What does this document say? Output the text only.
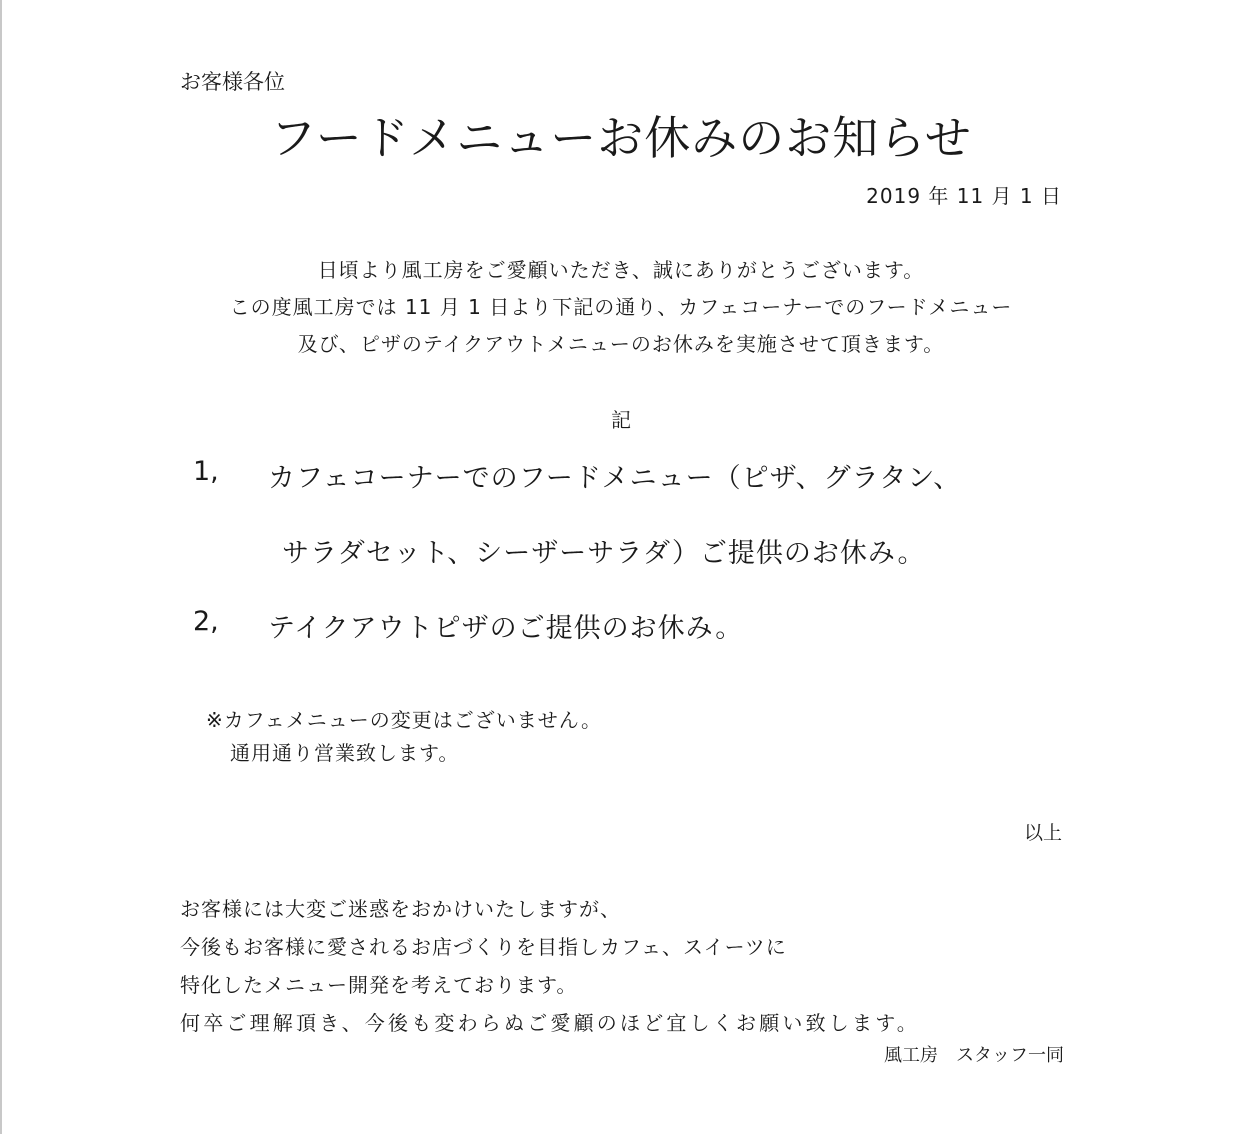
お客様各位
フードメニューお休みのお知らせ
2019 年 11 月 1 日
日頃より風工房をご愛顧いただき、誠にありがとうございます。
この度風工房では 11 月 1 日より下記の通り、カフェコーナーでのフードメニュー
及び、ピザのテイクアウトメニューのお休みを実施させて頂きます。
記
1, カフェコーナーでのフードメニュー（ピザ、グラタン、
サラダセット、シーザーサラダ）ご提供のお休み。
2, テイクアウトピザのご提供のお休み。
※カフェメニューの変更はございません。
通用通り営業致します。
以上
お客様には大変ご迷惑をおかけいたしますが、
今後もお客様に愛されるお店づくりを目指しカフェ、スイーツに
特化したメニュー開発を考えております。
何卒ご理解頂き、今後も変わらぬご愛顧のほど宜しくお願い致します。
風工房　スタッフ一同
